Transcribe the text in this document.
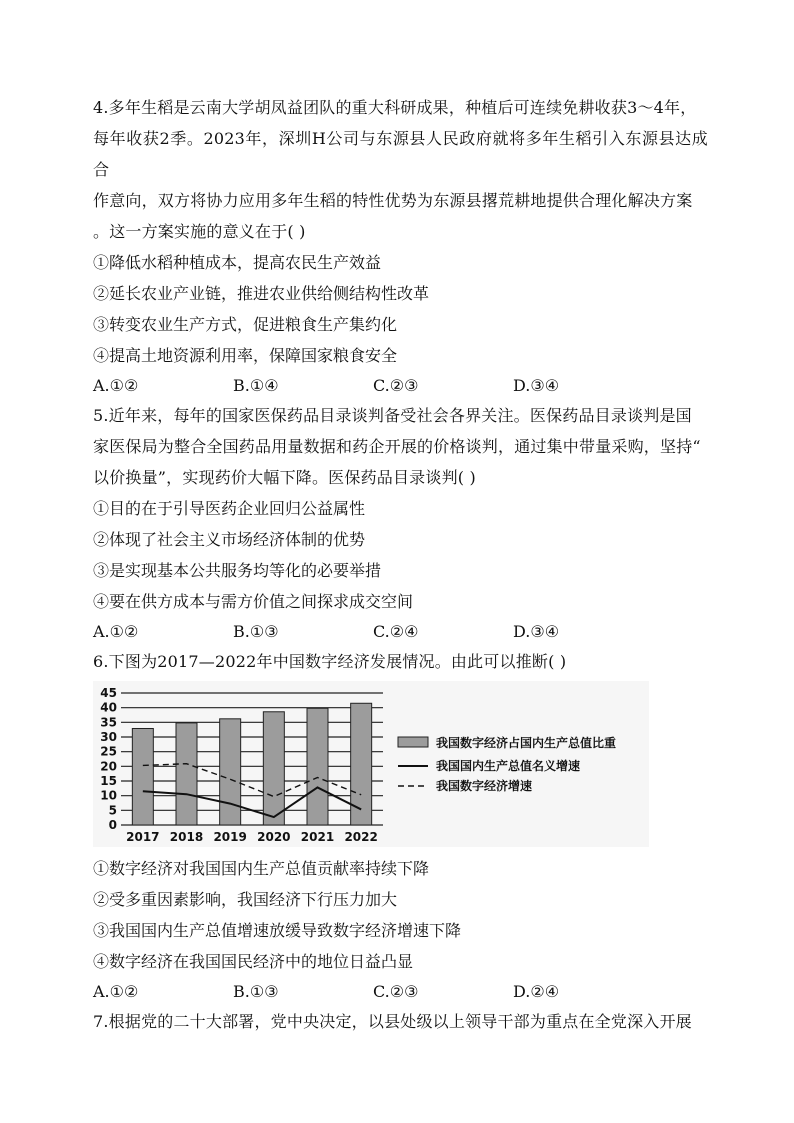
4.多年生稻是云南大学胡凤益团队的重大科研成果，种植后可连续免耕收获3～4年，

每年收获2季。2023年，深圳H公司与东源县人民政府就将多年生稻引入东源县达成合

作意向，双方将协力应用多年生稻的特性优势为东源县撂荒耕地提供合理化解决方案

。这一方案实施的意义在于( )

①降低水稻种植成本，提高农民生产效益

②延长农业产业链，推进农业供给侧结构性改革

③转变农业生产方式，促进粮食生产集约化

④提高土地资源利用率，保障国家粮食安全

A.①②	B.①④	C.②③	D.③④

5.近年来，每年的国家医保药品目录谈判备受社会各界关注。医保药品目录谈判是国

家医保局为整合全国药品用量数据和药企开展的价格谈判，通过集中带量采购，坚持“

以价换量”，实现药价大幅下降。医保药品目录谈判( )

①目的在于引导医药企业回归公益属性

②体现了社会主义市场经济体制的优势

③是实现基本公共服务均等化的必要举措

④要在供方成本与需方价值之间探求成交空间

A.①②	B.①③	C.②④	D.③④

6.下图为2017—2022年中国数字经济发展情况。由此可以推断( )

0
5
10
15
20
25
30
35
40
45
2017 2018 2019 2020 2021 2022
我国数字经济占国内生产总值比重
我国国内生产总值名义增速
我国数字经济增速

①数字经济对我国国内生产总值贡献率持续下降

②受多重因素影响，我国经济下行压力加大

③我国国内生产总值增速放缓导致数字经济增速下降

④数字经济在我国国民经济中的地位日益凸显

A.①②	B.①③	C.②③	D.②④

7.根据党的二十大部署，党中央决定，以县处级以上领导干部为重点在全党深入开展
